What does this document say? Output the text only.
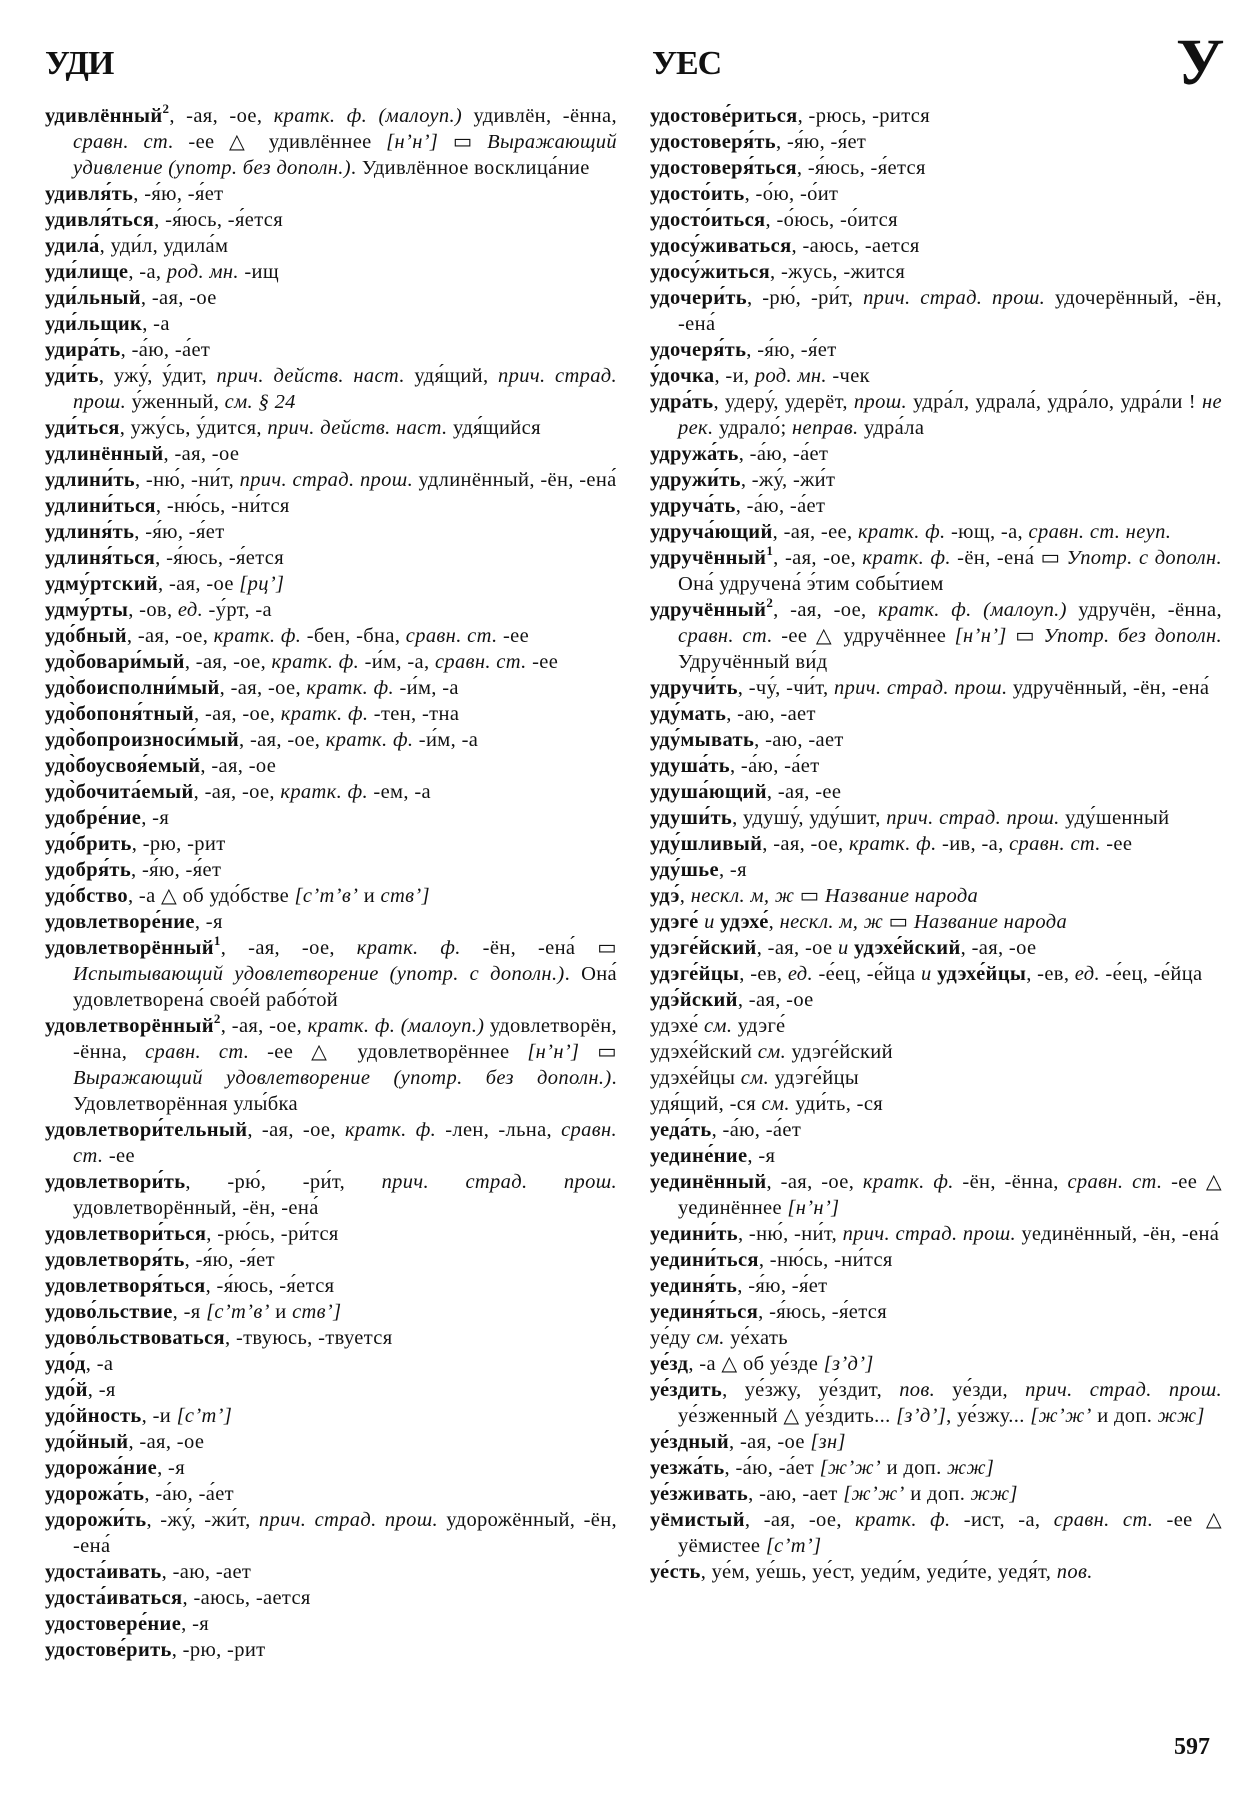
УДИ	УЕС	У

удивлённый$^2$, -ая, -ое, кратк. ф. (малоуп.) удивлён, -ённа, сравн. ст. -ее △ удивлённее [нʼнʼ] ▭ Выражающий удивление (употр. без дополн.). Удивлённое восклица́ние

удивля́ть, -я́ю, -я́ет

удивля́ться, -я́юсь, -я́ется

удила́, уди́л, удила́м

уди́лище, -а, род. мн. -ищ

уди́льный, -ая, -ое

уди́льщик, -а

удира́ть, -а́ю, -а́ет

уди́ть, ужу́, у́дит, прич. действ. наст. удя́щий, прич. страд. прош. у́женный, см. § 24

уди́ться, ужу́сь, у́дится, прич. действ. наст. удя́щийся

удлинённый, -ая, -ое

удлини́ть, -ню́, -ни́т, прич. страд. прош. удлинённый, -ён, -ена́

удлини́ться, -ню́сь, -ни́тся

удлиня́ть, -я́ю, -я́ет

удлиня́ться, -я́юсь, -я́ется

удму́ртский, -ая, -ое [рцʼ]

удму́рты, -ов, ед. -у́рт, -а

удо́бный, -ая, -ое, кратк. ф. -бен, -бна, сравн. ст. -ее

удо̀бовари́мый, -ая, -ое, кратк. ф. -и́м, -а, сравн. ст. -ее

удо̀боисполни́мый, -ая, -ое, кратк. ф. -и́м, -а

удо̀бопоня́тный, -ая, -ое, кратк. ф. -тен, -тна

удо̀бопроизноси́мый, -ая, -ое, кратк. ф. -и́м, -а

удо̀боусвоя́емый, -ая, -ое

удо̀бочита́емый, -ая, -ое, кратк. ф. -ем, -а

удобре́ние, -я

удо́брить, -рю, -рит

удобря́ть, -я́ю, -я́ет

удо́бство, -а △ об удо́бстве [сʼтʼвʼ и ствʼ]

удовлетворе́ние, -я

удовлетворённый$^1$, -ая, -ое, кратк. ф. -ён, -ена́ ▭ Испытывающий удовлетворение (употр. с дополн.). Она́ удовлетворена́ свое́й рабо́той

удовлетворённый$^2$, -ая, -ое, кратк. ф. (малоуп.) удовлетворён, -ённа, сравн. ст. -ее △ удовлетворённее [нʼнʼ] ▭ Выражающий удовлетворение (употр. без дополн.). Удовлетворённая улы́бка

удовлетвори́тельный, -ая, -ое, кратк. ф. -лен, -льна, сравн. ст. -ее

удовлетвори́ть, -рю́, -ри́т, прич. страд. прош. удовлетворённый, -ён, -ена́

удовлетвори́ться, -рю́сь, -ри́тся

удовлетворя́ть, -я́ю, -я́ет

удовлетворя́ться, -я́юсь, -я́ется

удово́льствие, -я [сʼтʼвʼ и ствʼ]

удово́льствоваться, -твуюсь, -твуется

удо́д, -а

удо́й, -я

удо́йность, -и [сʼтʼ]

удо́йный, -ая, -ое

удорожа́ние, -я

удорожа́ть, -а́ю, -а́ет

удорожи́ть, -жу́, -жи́т, прич. страд. прош. удорожённый, -ён, -ена́

удоста́ивать, -аю, -ает

удоста́иваться, -аюсь, -ается

удостовере́ние, -я

удостове́рить, -рю, -рит

удостове́риться, -рюсь, -рится

удостоверя́ть, -я́ю, -я́ет

удостоверя́ться, -я́юсь, -я́ется

удосто́ить, -о́ю, -о́ит

удосто́иться, -о́юсь, -о́ится

удосу́живаться, -аюсь, -ается

удосу́житься, -жусь, -жится

удочери́ть, -рю́, -ри́т, прич. страд. прош. удочерённый, -ён, -ена́

удочеря́ть, -я́ю, -я́ет

у́дочка, -и, род. мн. -чек

удра́ть, удеру́, удерёт, прош. удра́л, удрала́, удра́ло, удра́ли ! не рек. удрало́; неправ. удра́ла

удружа́ть, -а́ю, -а́ет

удружи́ть, -жу́, -жи́т

удруча́ть, -а́ю, -а́ет

удруча́ющий, -ая, -ее, кратк. ф. -ющ, -а, сравн. ст. неуп.

удручённый$^1$, -ая, -ое, кратк. ф. -ён, -ена́ ▭ Употр. с дополн. Она́ удручена́ э́тим собы́тием

удручённый$^2$, -ая, -ое, кратк. ф. (малоуп.) удручён, -ённа, сравн. ст. -ее △ удручённее [нʼнʼ] ▭ Употр. без дополн. Удручённый ви́д

удручи́ть, -чу́, -чи́т, прич. страд. прош. удручённый, -ён, -ена́

уду́мать, -аю, -ает

уду́мывать, -аю, -ает

удуша́ть, -а́ю, -а́ет

удуша́ющий, -ая, -ее

удуши́ть, удушу́, уду́шит, прич. страд. прош. уду́шенный

уду́шливый, -ая, -ое, кратк. ф. -ив, -а, сравн. ст. -ее

уду́шье, -я

удэ́, нескл. м, ж ▭ Название народа

удэге́ и удэхе́, нескл. м, ж ▭ Название народа

удэге́йский, -ая, -ое и удэхе́йский, -ая, -ое

удэге́йцы, -ев, ед. -е́ец, -е́йца и удэхе́йцы, -ев, ед. -е́ец, -е́йца

удэ́йский, -ая, -ое

удэхе́ см. удэге́

удэхе́йский см. удэге́йский

удэхе́йцы см. удэге́йцы

удя́щий, -ся см. уди́ть, -ся

уеда́ть, -а́ю, -а́ет

уедине́ние, -я

уединённый, -ая, -ое, кратк. ф. -ён, -ённа, сравн. ст. -ее △ уединённее [нʼнʼ]

уедини́ть, -ню́, -ни́т, прич. страд. прош. уединённый, -ён, -ена́

уедини́ться, -ню́сь, -ни́тся

уединя́ть, -я́ю, -я́ет

уединя́ться, -я́юсь, -я́ется

уе́ду см. уе́хать

уе́зд, -а △ об уе́зде [зʼдʼ]

уе́здить, уе́зжу, уе́здит, пов. уе́зди, прич. страд. прош. уе́зженный △ уе́здить... [зʼдʼ], уе́зжу... [жʼжʼ и доп. жж]

уе́здный, -ая, -ое [зн]

уезжа́ть, -а́ю, -а́ет [жʼжʼ и доп. жж]

уе́зживать, -аю, -ает [жʼжʼ и доп. жж]

уёмистый, -ая, -ое, кратк. ф. -ист, -а, сравн. ст. -ее △ уёмистее [сʼтʼ]

уе́сть, уе́м, уе́шь, уе́ст, уеди́м, уеди́те, уедя́т, пов.

597
